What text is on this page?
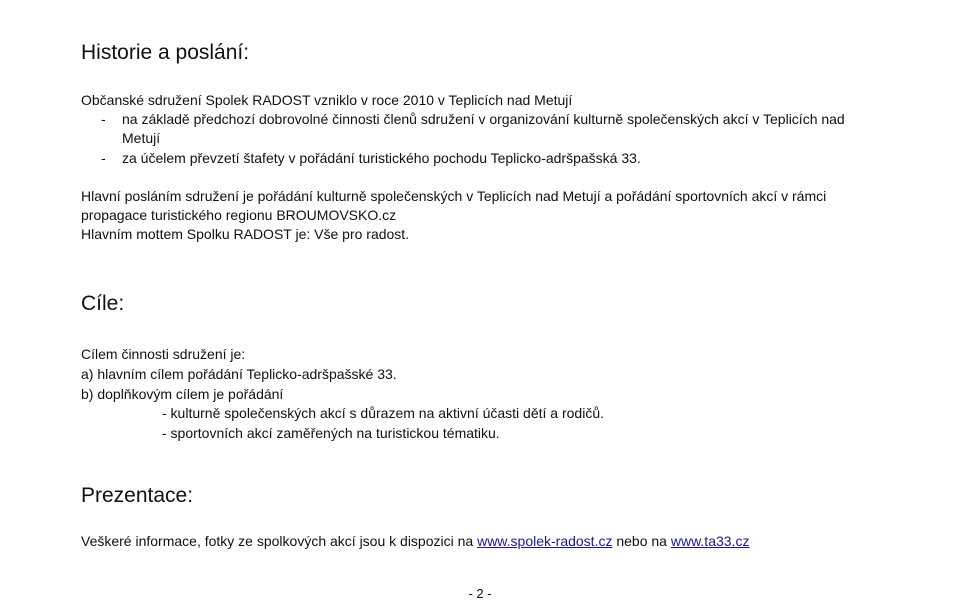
Historie a poslání:
Občanské sdružení Spolek RADOST vzniklo v roce 2010 v Teplicích nad Metují
- na základě předchozí dobrovolné činnosti členů sdružení v organizování kulturně společenských akcí v Teplicích nad
Metují
- za účelem převzetí štafety v pořádání turistického pochodu Teplicko-adršpašská 33.
Hlavní posláním sdružení je pořádání kulturně společenských v Teplicích nad Metují a pořádání sportovních akcí v rámci
propagace turistického regionu BROUMOVSKO.cz
Hlavním mottem Spolku RADOST je: Vše pro radost.
Cíle:
Cílem činnosti sdružení je:
a) hlavním cílem pořádání Teplicko-adršpašské 33.
b) doplňkovým cílem je pořádání
- kulturně společenských akcí s důrazem na aktivní účasti dětí a rodičů.
- sportovních akcí zaměřených na turistickou tématiku.
Prezentace:
Veškeré informace, fotky ze spolkových akcí jsou k dispozici na www.spolek-radost.cz nebo na www.ta33.cz
- 2 -
